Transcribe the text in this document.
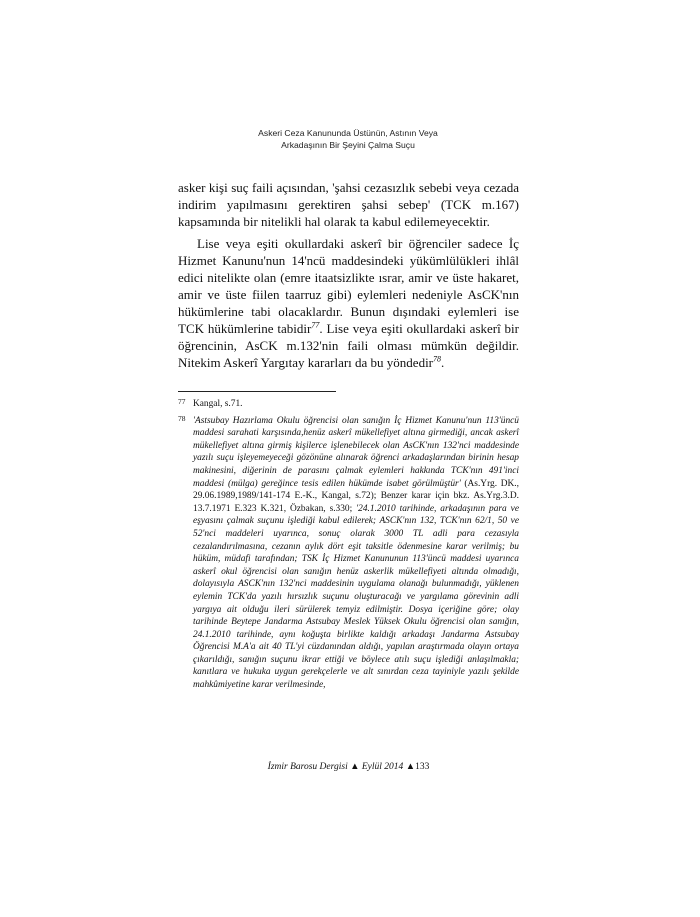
Askeri Ceza Kanununda Üstünün, Astının Veya
Arkadaşının Bir Şeyini Çalma Suçu

asker kişi suç faili açısından, 'şahsi cezasızlık sebebi veya cezada indirim yapılmasını gerektiren şahsi sebep' (TCK m.167) kapsamında bir nitelikli hal olarak ta kabul edilemeyecektir.

Lise veya eşiti okullardaki askerî bir öğrenciler sadece İç Hizmet Kanunu'nun 14'ncü maddesindeki yükümlülükleri ihlâl edici nitelikte olan (emre itaatsizlikte ısrar, amir ve üste hakaret, amir ve üste fiilen taarruz gibi) eylemleri nedeniyle AsCK'nın hükümlerine tabi olacaklardır. Bunun dışındaki eylemleri ise TCK hükümlerine tabidir$^{77}$. Lise veya eşiti okullardaki askerî bir öğrencinin, AsCK m.132'nin faili olması mümkün değildir. Nitekim Askerî Yargıtay kararları da bu yöndedir$^{78}$.

77 Kangal, s.71.
78 'Astsubay Hazırlama Okulu öğrencisi olan sanığın İç Hizmet Kanunu'nun 113'üncü maddesi sarahati karşısında,henüz askerî mükellefiyet altına girmediği, ancak askerî mükellefiyet altına girmiş kişilerce işlenebilecek olan AsCK'nın 132'nci maddesinde yazılı suçu işleyemeyeceği gözönüne alınarak öğrenci arkadaşlarından birinin hesap makinesini, diğerinin de parasını çalmak eylemleri hakkında TCK'nın 491'inci maddesi (mülga) gereğince tesis edilen hükümde isabet görülmüştür' (As.Yrg. DK., 29.06.1989,1989/141-174 E.-K., Kangal, s.72); Benzer karar için bkz. As.Yrg.3.D. 13.7.1971 E.323 K.321, Özbakan, s.330; '24.1.2010 tarihinde, arkadaşının para ve eşyasını çalmak suçunu işlediği kabul edilerek; ASCK'nın 132, TCK'nın 62/1, 50 ve 52'nci maddeleri uyarınca, sonuç olarak 3000 TL adli para cezasıyla cezalandırılmasına, cezanın aylık dört eşit taksitle ödenmesine karar verilmiş; bu hüküm, müdafi tarafından; TSK İç Hizmet Kanununun 113'üncü maddesi uyarınca askerî okul öğrencisi olan sanığın henüz askerlik mükellefiyeti altında olmadığı, dolayısıyla ASCK'nın 132'nci maddesinin uygulama olanağı bulunmadığı, yüklenen eylemin TCK'da yazılı hırsızlık suçunu oluşturacağı ve yargılama görevinin adli yargıya ait olduğu ileri sürülerek temyiz edilmiştir. Dosya içeriğine göre; olay tarihinde Beytepe Jandarma Astsubay Meslek Yüksek Okulu öğrencisi olan sanığın, 24.1.2010 tarihinde, aynı koğuşta birlikte kaldığı arkadaşı Jandarma Astsubay Öğrencisi M.A'a ait 40 TL'yi cüzdanından aldığı, yapılan araştırmada olayın ortaya çıkarıldığı, sanığın suçunu ikrar ettiği ve böylece atılı suçu işlediği anlaşılmakla; kanıtlara ve hukuka uygun gerekçelerle ve alt sınırdan ceza tayiniyle yazılı şekilde mahkûmiyetine karar verilmesinde,
İzmir Barosu Dergisi ▲ Eylül 2014 ▲133
